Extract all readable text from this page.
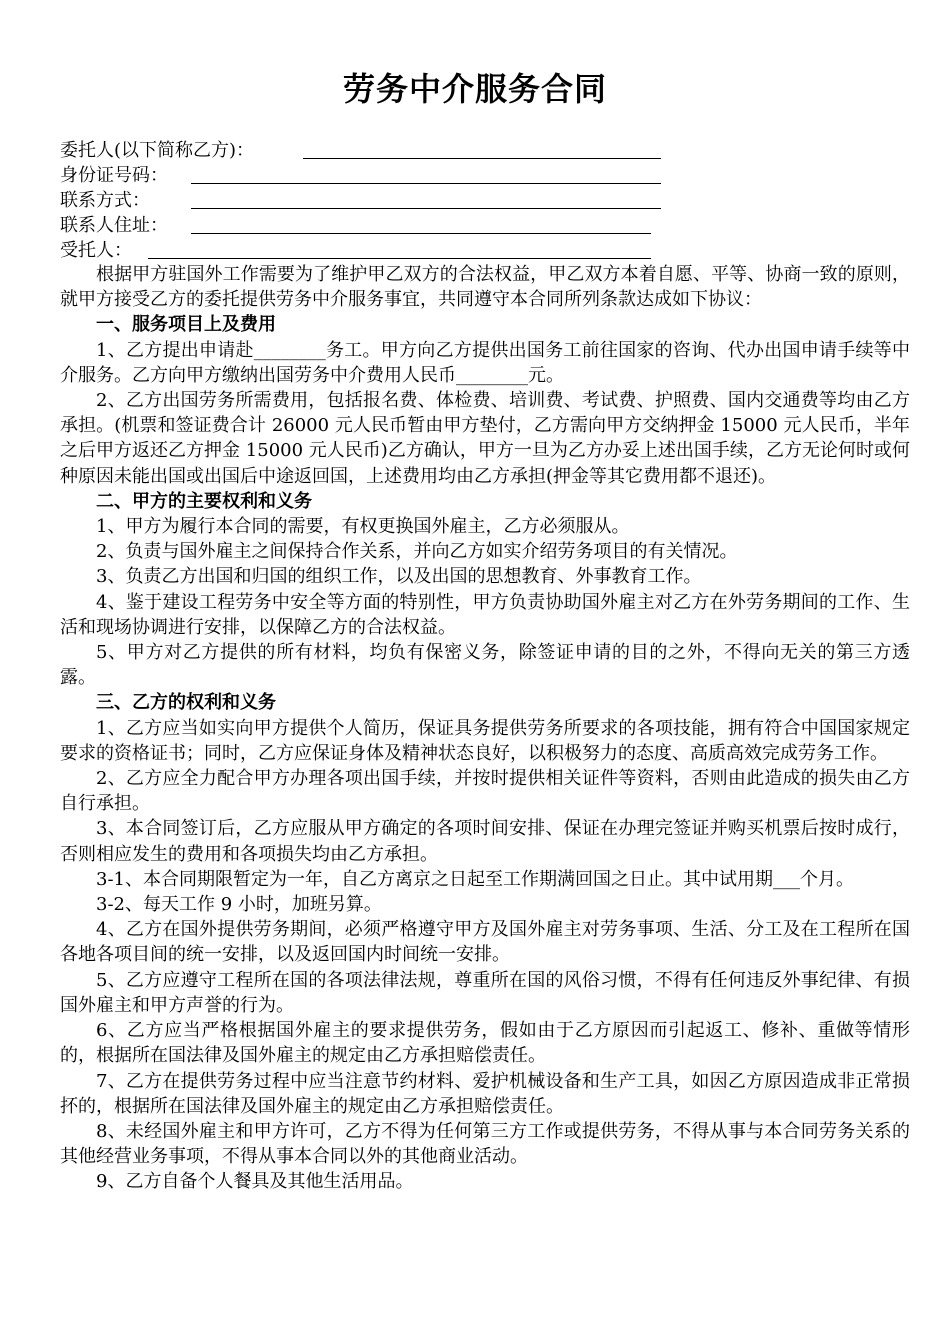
劳务中介服务合同
委托人(以下简称乙方)：
身份证号码：
联系方式：
联系人住址：
受托人：

根据甲方驻国外工作需要为了维护甲乙双方的合法权益，甲乙双方本着自愿、平等、协商一致的原则，就甲方接受乙方的委托提供劳务中介服务事宜，共同遵守本合同所列条款达成如下协议：

一、服务项目上及费用

1、乙方提出申请赴________务工。甲方向乙方提供出国务工前往国家的咨询、代办出国申请手续等中介服务。乙方向甲方缴纳出国劳务中介费用人民币________元。

2、乙方出国劳务所需费用，包括报名费、体检费、培训费、考试费、护照费、国内交通费等均由乙方承担。(机票和签证费合计 26000 元人民币暂由甲方垫付，乙方需向甲方交纳押金 15000 元人民币，半年之后甲方返还乙方押金 15000 元人民币)乙方确认，甲方一旦为乙方办妥上述出国手续，乙方无论何时或何种原因未能出国或出国后中途返回国，上述费用均由乙方承担(押金等其它费用都不退还)。

二、甲方的主要权利和义务

1、甲方为履行本合同的需要，有权更换国外雇主，乙方必须服从。

2、负责与国外雇主之间保持合作关系，并向乙方如实介绍劳务项目的有关情况。

3、负责乙方出国和归国的组织工作，以及出国的思想教育、外事教育工作。

4、鉴于建设工程劳务中安全等方面的特别性，甲方负责协助国外雇主对乙方在外劳务期间的工作、生活和现场协调进行安排，以保障乙方的合法权益。

5、甲方对乙方提供的所有材料，均负有保密义务，除签证申请的目的之外，不得向无关的第三方透露。

三、乙方的权利和义务

1、乙方应当如实向甲方提供个人简历，保证具务提供劳务所要求的各项技能，拥有符合中国国家规定要求的资格证书；同时，乙方应保证身体及精神状态良好，以积极努力的态度、高质高效完成劳务工作。

2、乙方应全力配合甲方办理各项出国手续，并按时提供相关证件等资料，否则由此造成的损失由乙方自行承担。

3、本合同签订后，乙方应服从甲方确定的各项时间安排、保证在办理完签证并购买机票后按时成行，否则相应发生的费用和各项损失均由乙方承担。

3-1、本合同期限暂定为一年，自乙方离京之日起至工作期满回国之日止。其中试用期___个月。

3-2、每天工作 9 小时，加班另算。

4、乙方在国外提供劳务期间，必须严格遵守甲方及国外雇主对劳务事项、生活、分工及在工程所在国各地各项目间的统一安排，以及返回国内时间统一安排。

5、乙方应遵守工程所在国的各项法律法规，尊重所在国的风俗习惯，不得有任何违反外事纪律、有损国外雇主和甲方声誉的行为。

6、乙方应当严格根据国外雇主的要求提供劳务，假如由于乙方原因而引起返工、修补、重做等情形的，根据所在国法律及国外雇主的规定由乙方承担赔偿责任。

7、乙方在提供劳务过程中应当注意节约材料、爱护机械设备和生产工具，如因乙方原因造成非正常损抔的，根据所在国法律及国外雇主的规定由乙方承担赔偿责任。

8、未经国外雇主和甲方许可，乙方不得为任何第三方工作或提供劳务，不得从事与本合同劳务关系的其他经营业务事项，不得从事本合同以外的其他商业活动。

9、乙方自备个人餐具及其他生活用品。
